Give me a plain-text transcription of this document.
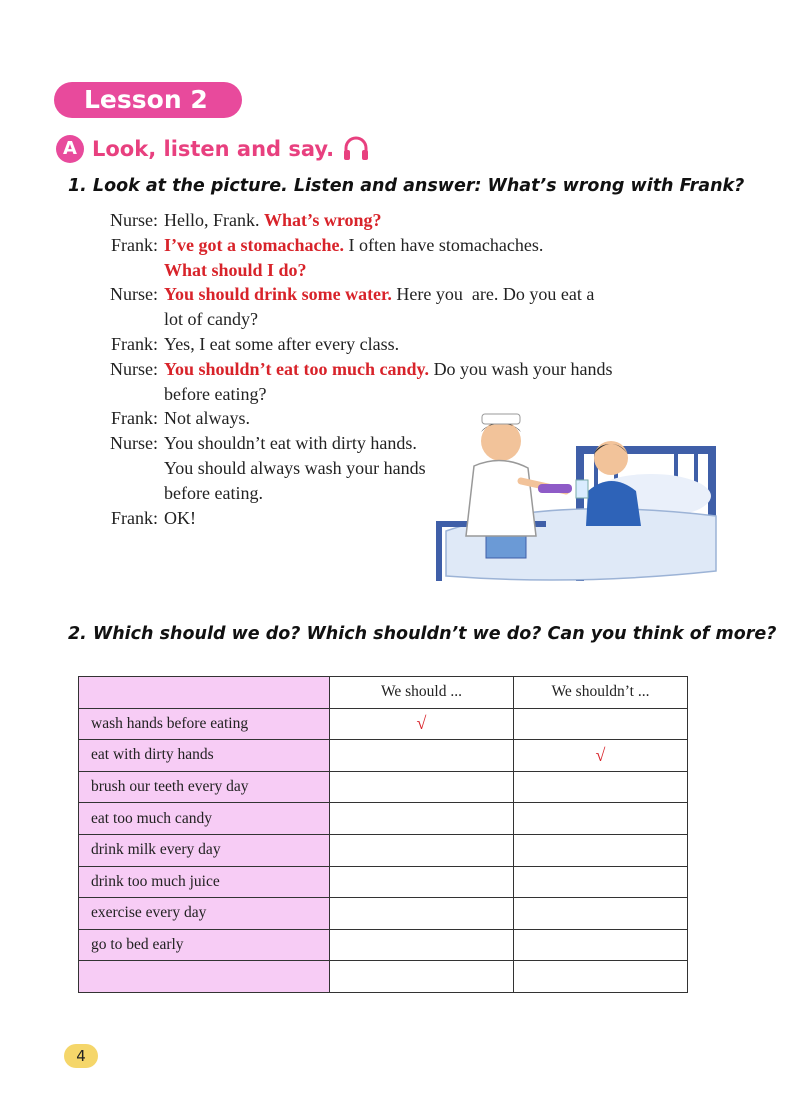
Lesson 2
A Look, listen and say.
1. Look at the picture. Listen and answer: What’s wrong with Frank?
Nurse: Hello, Frank. What’s wrong?
Frank: I’ve got a stomachache. I often have stomachaches.
What should I do?
Nurse: You should drink some water. Here you  are. Do you eat a
lot of candy?
Frank: Yes, I eat some after every class.
Nurse: You shouldn’t eat too much candy. Do you wash your hands
before eating?
Frank: Not always.
Nurse: You shouldn’t eat with dirty hands.
You should always wash your hands
before eating.
Frank: OK!
2. Which should we do? Which shouldn’t we do? Can you think of more?
	We should ...	We shouldn’t ...
wash hands before eating	√	
eat with dirty hands		√
brush our teeth every day		
eat too much candy		
drink milk every day		
drink too much juice		
exercise every day		
go to bed early		

4
